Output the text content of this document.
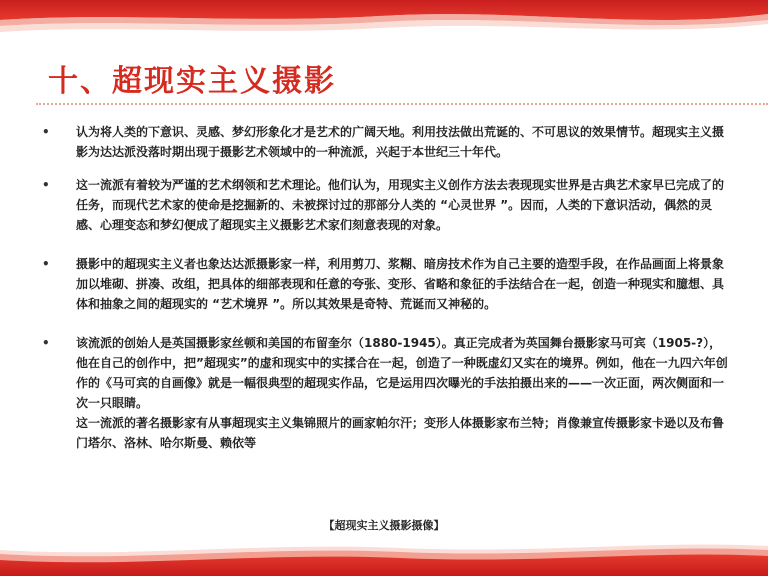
十、超现实主义摄影
• 认为将人类的下意识、灵感、梦幻形象化才是艺术的广阔天地。利用技法做出荒诞的、不可思议的效果情节。超现实主义摄影为达达派没落时期出现于摄影艺术领域中的一种流派，兴起于本世纪三十年代。

• 这一流派有着较为严谨的艺术纲领和艺术理论。他们认为，用现实主义创作方法去表现现实世界是古典艺术家早已完成了的任务，而现代艺术家的使命是挖掘新的、未被探讨过的那部分人类的 “心灵世界 ”。因而，人类的下意识活动，偶然的灵感、心理变态和梦幻便成了超现实主义摄影艺术家们刻意表现的对象。

• 摄影中的超现实主义者也象达达派摄影家一样，利用剪刀、浆糊、暗房技术作为自己主要的造型手段，在作品画面上将景象加以堆砌、拼凑、改组，把具体的细部表现和任意的夸张、变形、省略和象征的手法结合在一起，创造一种现实和臆想、具体和抽象之间的超现实的 “艺术境界 ”。所以其效果是奇特、荒诞而又神秘的。

• 该流派的创始人是英国摄影家丝顿和美国的布留奎尔（1880-1945）。真正完成者为英国舞台摄影家马可宾（1905-?），他在自己的创作中，把”超现实”的虚和现实中的实揉合在一起，创造了一种既虚幻又实在的境界。例如，他在一九四六年创作的《马可宾的自画像》就是一幅很典型的超现实作品，它是运用四次曝光的手法拍摄出来的——一次正面，两次侧面和一次一只眼睛。

这一流派的著名摄影家有从事超现实主义集锦照片的画家帕尔汗；变形人体摄影家布兰特；肖像兼宣传摄影家卡逊以及布鲁门塔尔、洛林、哈尔斯曼、赖依等

【超现实主义摄影摄像】
